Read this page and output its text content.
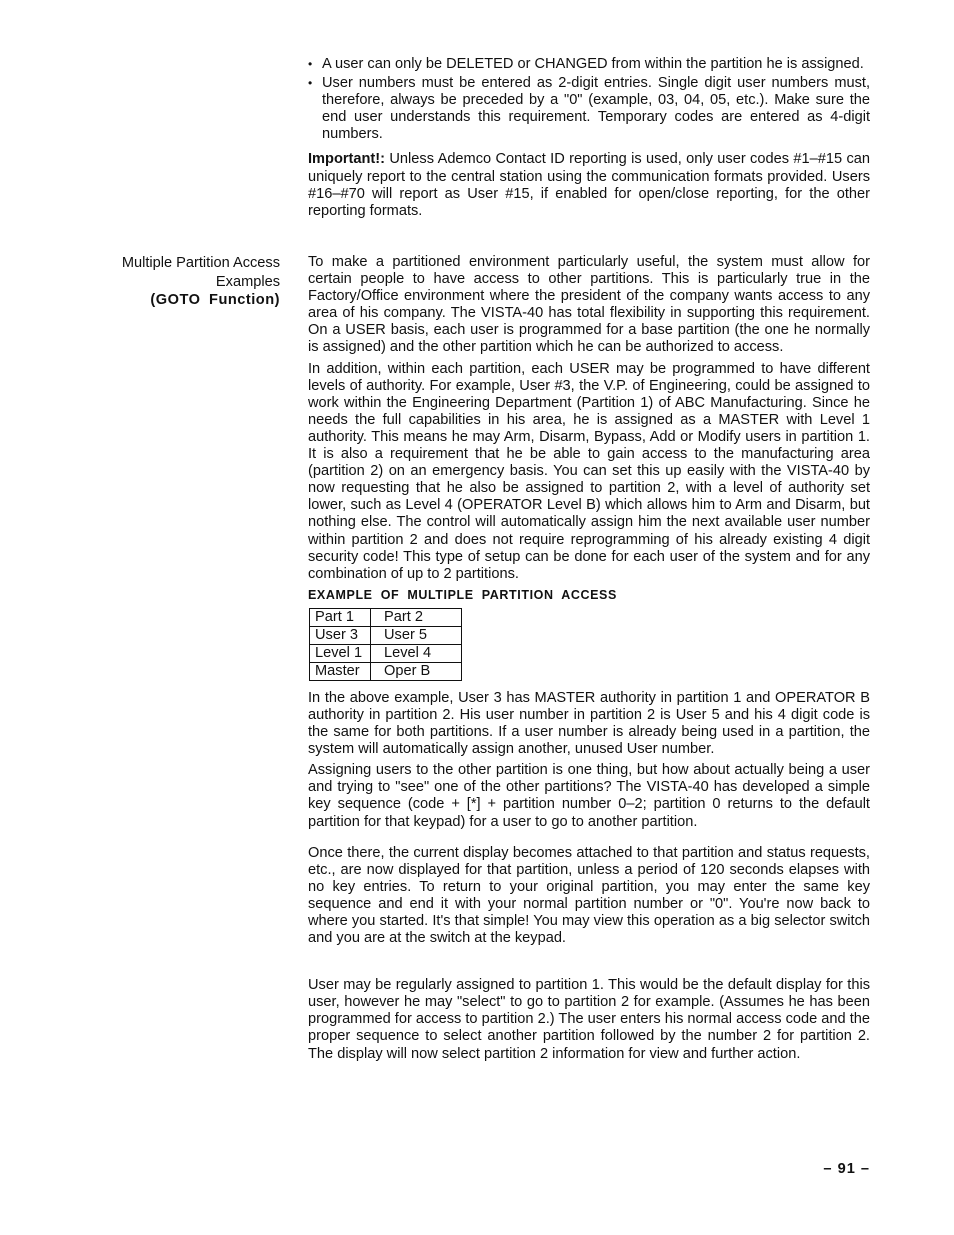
• A user can only be DELETED or CHANGED from within the partition he is assigned.
• User numbers must be entered as 2-digit entries. Single digit user numbers must, therefore, always be preceded by a "0" (example, 03, 04, 05, etc.). Make sure the end user understands this requirement. Temporary codes are entered as 4-digit numbers.

Important!: Unless Ademco Contact ID reporting is used, only user codes #1–#15 can uniquely report to the central station using the communication formats provided. Users #16–#70 will report as User #15, if enabled for open/close reporting, for the other reporting formats.

Multiple Partition Access
Examples
(GOTO Function)

To make a partitioned environment particularly useful, the system must allow for certain people to have access to other partitions. This is particularly true in the Factory/Office environment where the president of the company wants access to any area of his company. The VISTA-40 has total flexibility in supporting this requirement. On a USER basis, each user is programmed for a base partition (the one he normally is assigned) and the other partition which he can be authorized to access.

In addition, within each partition, each USER may be programmed to have different levels of authority. For example, User #3, the V.P. of Engineering, could be assigned to work within the Engineering Department (Partition 1) of ABC Manufacturing. Since he needs the full capabilities in his area, he is assigned as a MASTER with Level 1 authority. This means he may Arm, Disarm, Bypass, Add or Modify users in partition 1. It is also a requirement that he be able to gain access to the manufacturing area (partition 2) on an emergency basis. You can set this up easily with the VISTA-40 by now requesting that he also be assigned to partition 2, with a level of authority set lower, such as Level 4 (OPERATOR Level B) which allows him to Arm and Disarm, but nothing else. The control will automatically assign him the next available user number within partition 2 and does not require reprogramming of his already existing 4 digit security code! This type of setup can be done for each user of the system and for any combination of up to 2 partitions.

EXAMPLE OF MULTIPLE PARTITION ACCESS
Part 1	Part 2
User 3	User 5
Level 1	Level 4
Master	Oper B

In the above example, User 3 has MASTER authority in partition 1 and OPERATOR B authority in partition 2. His user number in partition 2 is User 5 and his 4 digit code is the same for both partitions. If a user number is already being used in a partition, the system will automatically assign another, unused User number.

Assigning users to the other partition is one thing, but how about actually being a user and trying to "see" one of the other partitions? The VISTA-40 has developed a simple key sequence (code + [*] + partition number 0–2; partition 0 returns to the default partition for that keypad) for a user to go to another partition.

Once there, the current display becomes attached to that partition and status requests, etc., are now displayed for that partition, unless a period of 120 seconds elapses with no key entries. To return to your original partition, you may enter the same key sequence and end it with your normal partition number or "0". You're now back to where you started. It's that simple! You may view this operation as a big selector switch and you are at the switch at the keypad.

User may be regularly assigned to partition 1. This would be the default display for this user, however he may "select" to go to partition 2 for example. (Assumes he has been programmed for access to partition 2.) The user enters his normal access code and the proper sequence to select another partition followed by the number 2 for partition 2. The display will now select partition 2 information for view and further action.

– 91 –
